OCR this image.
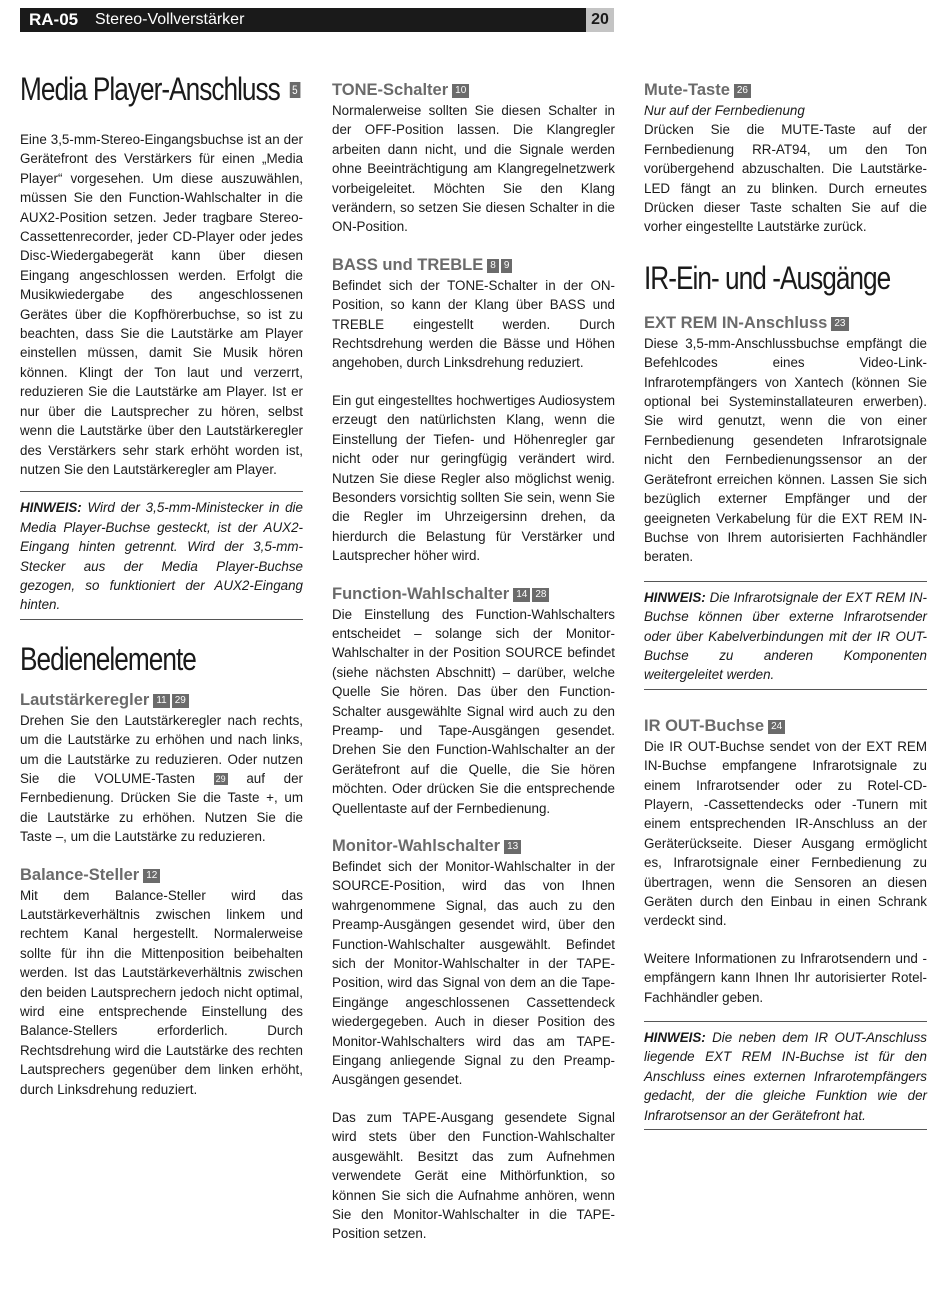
RA-05 Stereo-Vollverstärker	20
Media Player-Anschluss 5

Eine 3,5-mm-Stereo-Eingangsbuchse ist an der Gerätefront des Verstärkers für einen „Media Player“ vorgesehen. Um diese auszuwählen, müssen Sie den Function-Wahlschalter in die AUX2-Position setzen. Jeder tragbare Stereo-Cassettenrecorder, jeder CD-Player oder jedes Disc-Wiedergabegerät kann über diesen Eingang angeschlossen werden. Erfolgt die Musikwiedergabe des angeschlossenen Gerätes über die Kopfhörerbuchse, so ist zu beachten, dass Sie die Lautstärke am Player einstellen müssen, damit Sie Musik hören können. Klingt der Ton laut und verzerrt, reduzieren Sie die Lautstärke am Player. Ist er nur über die Lautsprecher zu hören, selbst wenn die Lautstärke über den Lautstärkeregler des Verstärkers sehr stark erhöht worden ist, nutzen Sie den Lautstärkeregler am Player.

HINWEIS: Wird der 3,5-mm-Ministecker in die Media Player-Buchse gesteckt, ist der AUX2-Eingang hinten getrennt. Wird der 3,5-mm-Stecker aus der Media Player-Buchse gezogen, so funktioniert der AUX2-Eingang hinten.

Bedienelemente
Lautstärkeregler 11 29

Drehen Sie den Lautstärkeregler nach rechts, um die Lautstärke zu erhöhen und nach links, um die Lautstärke zu reduzieren. Oder nutzen Sie die VOLUME-Tasten 29 auf der Fernbedienung. Drücken Sie die Taste +, um die Lautstärke zu erhöhen. Nutzen Sie die Taste –, um die Lautstärke zu reduzieren.

Balance-Steller 12

Mit dem Balance-Steller wird das Lautstärkeverhältnis zwischen linkem und rechtem Kanal hergestellt. Normalerweise sollte für ihn die Mittenposition beibehalten werden. Ist das Lautstärkeverhältnis zwischen den beiden Lautsprechern jedoch nicht optimal, wird eine entsprechende Einstellung des Balance-Stellers erforderlich. Durch Rechtsdrehung wird die Lautstärke des rechten Lautsprechers gegenüber dem linken erhöht, durch Linksdrehung reduziert.

TONE-Schalter 10

Normalerweise sollten Sie diesen Schalter in der OFF-Position lassen. Die Klangregler arbeiten dann nicht, und die Signale werden ohne Beeinträchtigung am Klangregelnetzwerk vorbeigeleitet. Möchten Sie den Klang verändern, so setzen Sie diesen Schalter in die ON-Position.

BASS und TREBLE 8 9

Befindet sich der TONE-Schalter in der ON-Position, so kann der Klang über BASS und TREBLE eingestellt werden. Durch Rechtsdrehung werden die Bässe und Höhen angehoben, durch Linksdrehung reduziert.

Ein gut eingestelltes hochwertiges Audiosystem erzeugt den natürlichsten Klang, wenn die Einstellung der Tiefen- und Höhenregler gar nicht oder nur geringfügig verändert wird. Nutzen Sie diese Regler also möglichst wenig. Besonders vorsichtig sollten Sie sein, wenn Sie die Regler im Uhrzeigersinn drehen, da hierdurch die Belastung für Verstärker und Lautsprecher höher wird.

Function-Wahlschalter 14 28

Die Einstellung des Function-Wahlschalters entscheidet – solange sich der Monitor-Wahlschalter in der Position SOURCE befindet (siehe nächsten Abschnitt) – darüber, welche Quelle Sie hören. Das über den Function-Schalter ausgewählte Signal wird auch zu den Preamp- und Tape-Ausgängen gesendet. Drehen Sie den Function-Wahlschalter an der Gerätefront auf die Quelle, die Sie hören möchten. Oder drücken Sie die entsprechende Quellentaste auf der Fernbedienung.

Monitor-Wahlschalter 13

Befindet sich der Monitor-Wahlschalter in der SOURCE-Position, wird das von Ihnen wahrgenommene Signal, das auch zu den Preamp-Ausgängen gesendet wird, über den Function-Wahlschalter ausgewählt. Befindet sich der Monitor-Wahlschalter in der TAPE-Position, wird das Signal von dem an die Tape-Eingänge angeschlossenen Cassettendeck wiedergegeben. Auch in dieser Position des Monitor-Wahlschalters wird das am TAPE-Eingang anliegende Signal zu den Preamp-Ausgängen gesendet.

Das zum TAPE-Ausgang gesendete Signal wird stets über den Function-Wahlschalter ausgewählt. Besitzt das zum Aufnehmen verwendete Gerät eine Mithörfunktion, so können Sie sich die Aufnahme anhören, wenn Sie den Monitor-Wahlschalter in die TAPE-Position setzen.

Mute-Taste 26

Nur auf der Fernbedienung

Drücken Sie die MUTE-Taste auf der Fernbedienung RR-AT94, um den Ton vorübergehend abzuschalten. Die Lautstärke-LED fängt an zu blinken. Durch erneutes Drücken dieser Taste schalten Sie auf die vorher eingestellte Lautstärke zurück.

IR-Ein- und -Ausgänge
EXT REM IN-Anschluss 23

Diese 3,5-mm-Anschlussbuchse empfängt die Befehlcodes eines Video-Link-Infrarotempfängers von Xantech (können Sie optional bei Systeminstallateuren erwerben). Sie wird genutzt, wenn die von einer Fernbedienung gesendeten Infrarotsignale nicht den Fernbedienungssensor an der Gerätefront erreichen können. Lassen Sie sich bezüglich externer Empfänger und der geeigneten Verkabelung für die EXT REM IN-Buchse von Ihrem autorisierten Fachhändler beraten.

HINWEIS: Die Infrarotsignale der EXT REM IN-Buchse können über externe Infrarotsender oder über Kabelverbindungen mit der IR OUT-Buchse zu anderen Komponenten weitergeleitet werden.

IR OUT-Buchse 24

Die IR OUT-Buchse sendet von der EXT REM IN-Buchse empfangene Infrarotsignale zu einem Infrarotsender oder zu Rotel-CD-Playern, -Cassettendecks oder -Tunern mit einem entsprechenden IR-Anschluss an der Geräterückseite. Dieser Ausgang ermöglicht es, Infrarotsignale einer Fernbedienung zu übertragen, wenn die Sensoren an diesen Geräten durch den Einbau in einen Schrank verdeckt sind.

Weitere Informationen zu Infrarotsendern und -empfängern kann Ihnen Ihr autorisierter Rotel-Fachhändler geben.

HINWEIS: Die neben dem IR OUT-Anschluss liegende EXT REM IN-Buchse ist für den Anschluss eines externen Infrarotempfängers gedacht, der die gleiche Funktion wie der Infrarotsensor an der Gerätefront hat.
